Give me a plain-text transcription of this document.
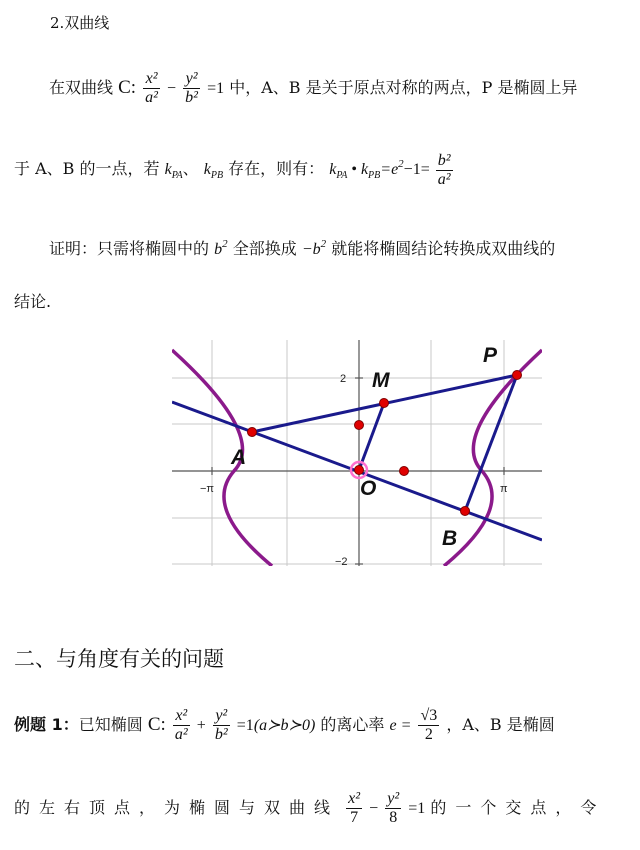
2.双曲线
在双曲线 C: $\frac{\text{x²}}{\text{a²}} - \frac{\text{y²}}{\text{b²}} =1$ 中，A、B 是关于原点对称的两点，P 是椭圆上异
于 A、B 的一点，若 $k_{PA}$、 $k_{PB}$ 存在，则有： $k_{PA}$ • $k_{PB}=e^2-1= \frac{\text{b²}}{\text{a²}}$
证明：只需将椭圆中的 $b^2$ 全部换成 $-b^2$ 就能将椭圆结论转换成双曲线的
结论.
2
−2
−π	π
P
M
A
O
B
二、与角度有关的问题
例题 1：已知椭圆 C: $\frac{\text{x²}}{\text{a²}} + \frac{\text{y²}}{\text{b²}}$ =1(a≻b≻0) 的离心率 $e = \frac{√3}{2}$ ，A、B 是椭圆
的左右顶点，为椭圆与双曲线 $\frac{\text{x²}}{7} - \frac{\text{y²}}{8} =1$ 的一个交点，令
